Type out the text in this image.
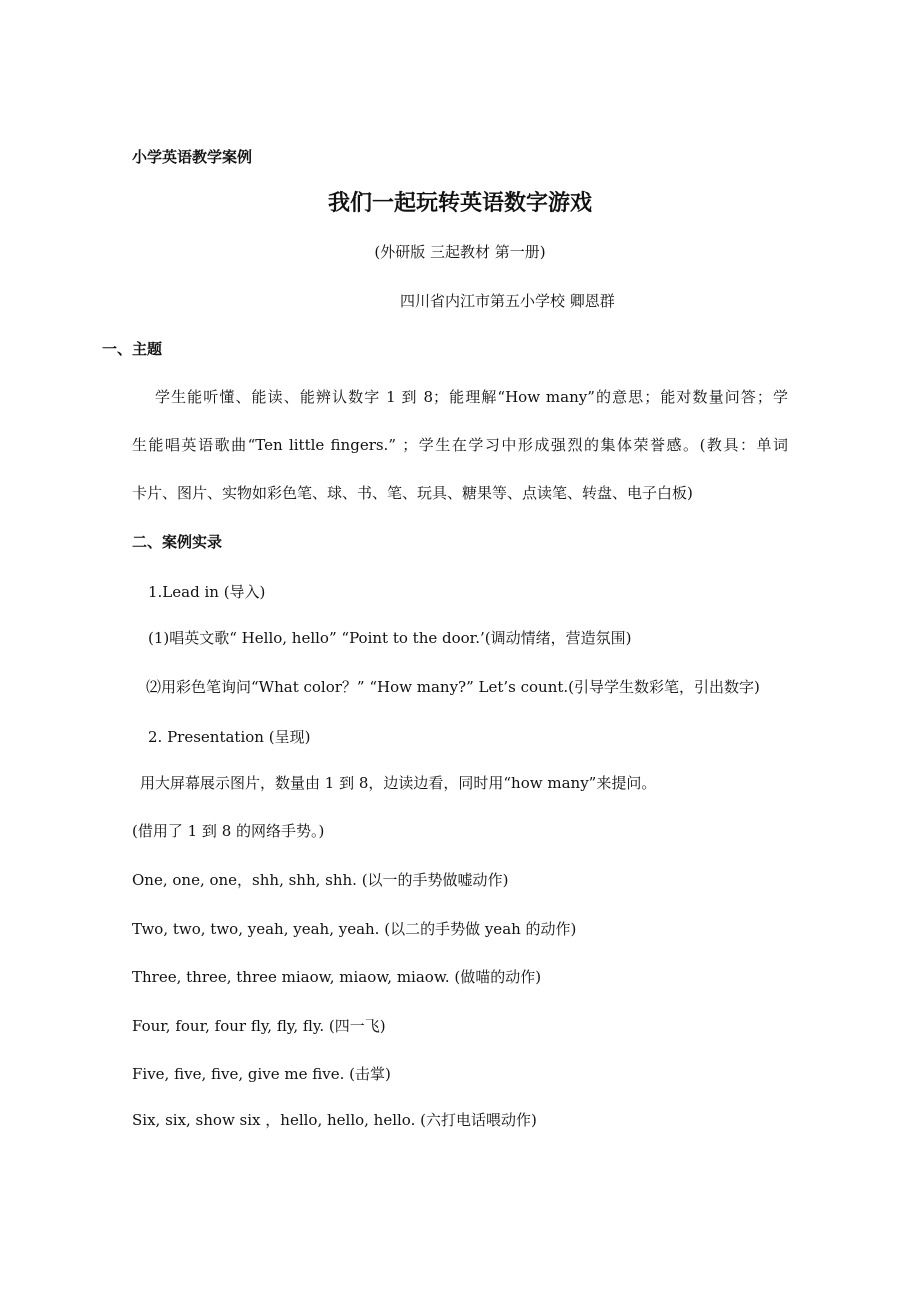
小学英语教学案例
我们一起玩转英语数字游戏
(外研版 三起教材 第一册)
四川省内江市第五小学校 卿恩群
一、主题
学生能听懂、能读、能辨认数字 1 到 8；能理解“How many”的意思；能对数量问答；学
生能唱英语歌曲“Ten little fingers.” ；学生在学习中形成强烈的集体荣誉感。(教具：单词
卡片、图片、实物如彩色笔、球、书、笔、玩具、糖果等、点读笔、转盘、电子白板)
二、案例实录
1.Lead in (导入)
(1)唱英文歌“ Hello, hello” “Point to the door.’(调动情绪，营造氛围)
⑵用彩色笔询问“What color？” “How many?” Let’s count.(引导学生数彩笔，引出数字)
2. Presentation (呈现)
用大屏幕展示图片，数量由 1 到 8，边读边看，同时用“how many”来提问。
(借用了 1 到 8 的网络手势。)
One, one, one，shh, shh, shh. (以一的手势做嘘动作)
Two, two, two, yeah, yeah, yeah. (以二的手势做 yeah 的动作)
Three, three, three miaow, miaow, miaow. (做喵的动作)
Four, four, four fly, fly, fly. (四一飞)
Five, five, five, give me five. (击掌)
Six, six, show six ，hello, hello, hello. (六打电话喂动作)
